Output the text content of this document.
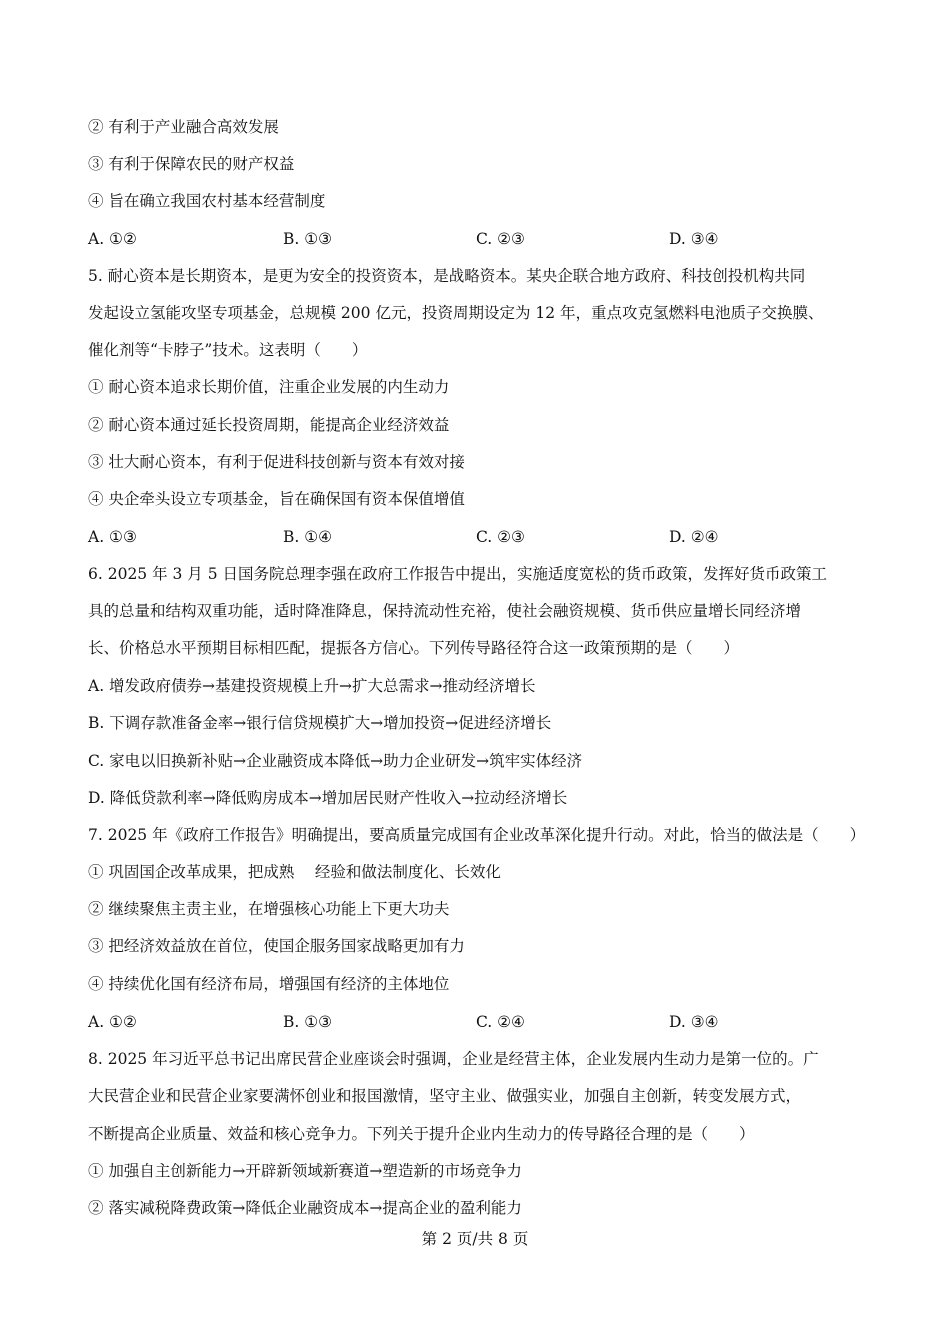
② 有利于产业融合高效发展
③ 有利于保障农民的财产权益
④ 旨在确立我国农村基本经营制度
A. ①②	B. ①③	C. ②③	D. ③④
5. 耐心资本是长期资本，是更为安全的投资资本，是战略资本。某央企联合地方政府、科技创投机构共同
发起设立氢能攻坚专项基金，总规模 200 亿元，投资周期设定为 12 年，重点攻克氢燃料电池质子交换膜、
催化剂等“卡脖子”技术。这表明（　　）
① 耐心资本追求长期价值，注重企业发展的内生动力
② 耐心资本通过延长投资周期，能提高企业经济效益
③ 壮大耐心资本，有利于促进科技创新与资本有效对接
④ 央企牵头设立专项基金，旨在确保国有资本保值增值
A. ①③	B. ①④	C. ②③	D. ②④
6. 2025 年 3 月 5 日国务院总理李强在政府工作报告中提出，实施适度宽松的货币政策，发挥好货币政策工
具的总量和结构双重功能，适时降准降息，保持流动性充裕，使社会融资规模、货币供应量增长同经济增
长、价格总水平预期目标相匹配，提振各方信心。下列传导路径符合这一政策预期的是（　　）
A. 增发政府债券→基建投资规模上升→扩大总需求→推动经济增长
B. 下调存款准备金率→银行信贷规模扩大→增加投资→促进经济增长
C. 家电以旧换新补贴→企业融资成本降低→助力企业研发→筑牢实体经济
D. 降低贷款利率→降低购房成本→增加居民财产性收入→拉动经济增长
7. 2025 年《政府工作报告》明确提出，要高质量完成国有企业改革深化提升行动。对此，恰当的做法是（　　）
① 巩固国企改革成果，把成熟　 经验和做法制度化、长效化
② 继续聚焦主责主业，在增强核心功能上下更大功夫
③ 把经济效益放在首位，使国企服务国家战略更加有力
④ 持续优化国有经济布局，增强国有经济的主体地位
A. ①②	B. ①③	C. ②④	D. ③④
8. 2025 年习近平总书记出席民营企业座谈会时强调，企业是经营主体，企业发展内生动力是第一位的。广
大民营企业和民营企业家要满怀创业和报国激情，坚守主业、做强实业，加强自主创新，转变发展方式，
不断提高企业质量、效益和核心竞争力。下列关于提升企业内生动力的传导路径合理的是（　　）
① 加强自主创新能力→开辟新领域新赛道→塑造新的市场竞争力
② 落实减税降费政策→降低企业融资成本→提高企业的盈利能力
第 2 页/共 8 页
